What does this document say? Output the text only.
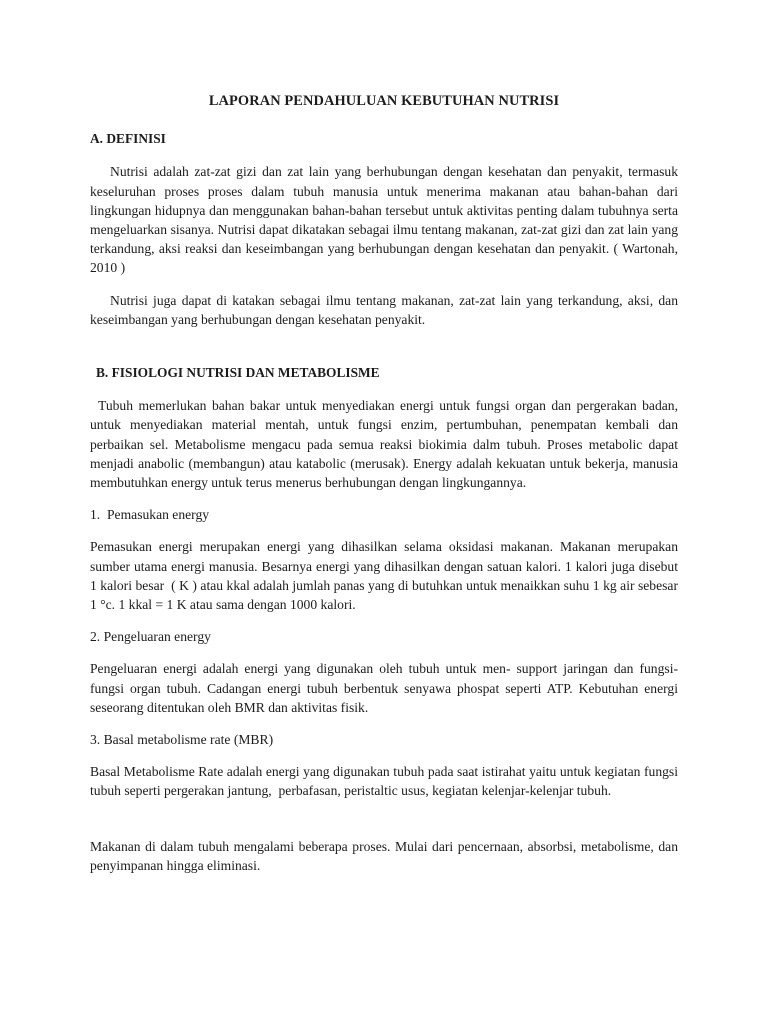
LAPORAN PENDAHULUAN KEBUTUHAN NUTRISI
A. DEFINISI

Nutrisi adalah zat-zat gizi dan zat lain yang berhubungan dengan kesehatan dan penyakit, termasuk keseluruhan proses proses dalam tubuh manusia untuk menerima makanan atau bahan-bahan dari lingkungan hidupnya dan menggunakan bahan-bahan tersebut untuk aktivitas penting dalam tubuhnya serta mengeluarkan sisanya. Nutrisi dapat dikatakan sebagai ilmu tentang makanan, zat-zat gizi dan zat lain yang terkandung, aksi reaksi dan keseimbangan yang berhubungan dengan kesehatan dan penyakit. ( Wartonah, 2010 )

Nutrisi juga dapat di katakan sebagai ilmu tentang makanan, zat-zat lain yang terkandung, aksi, dan keseimbangan yang berhubungan dengan kesehatan penyakit.

B. FISIOLOGI NUTRISI DAN METABOLISME

Tubuh memerlukan bahan bakar untuk menyediakan energi untuk fungsi organ dan pergerakan badan, untuk menyediakan material mentah, untuk fungsi enzim, pertumbuhan, penempatan kembali dan perbaikan sel. Metabolisme mengacu pada semua reaksi biokimia dalm tubuh. Proses metabolic dapat menjadi anabolic (membangun) atau katabolic (merusak). Energy adalah kekuatan untuk bekerja, manusia membutuhkan energy untuk terus menerus berhubungan dengan lingkungannya.

1.  Pemasukan energy

Pemasukan energi merupakan energi yang dihasilkan selama oksidasi makanan. Makanan merupakan sumber utama energi manusia. Besarnya energi yang dihasilkan dengan satuan kalori. 1 kalori juga disebut 1 kalori besar  ( K ) atau kkal adalah jumlah panas yang di butuhkan untuk menaikkan suhu 1 kg air sebesar 1 °c. 1 kkal = 1 K atau sama dengan 1000 kalori.

2. Pengeluaran energy

Pengeluaran energi adalah energi yang digunakan oleh tubuh untuk men- support jaringan dan fungsi-fungsi organ tubuh. Cadangan energi tubuh berbentuk senyawa phospat seperti ATP. Kebutuhan energi seseorang ditentukan oleh BMR dan aktivitas fisik.

3. Basal metabolisme rate (MBR)

Basal Metabolisme Rate adalah energi yang digunakan tubuh pada saat istirahat yaitu untuk kegiatan fungsi tubuh seperti pergerakan jantung,  perbafasan, peristaltic usus, kegiatan kelenjar-kelenjar tubuh.

Makanan di dalam tubuh mengalami beberapa proses. Mulai dari pencernaan, absorbsi, metabolisme, dan penyimpanan hingga eliminasi.
